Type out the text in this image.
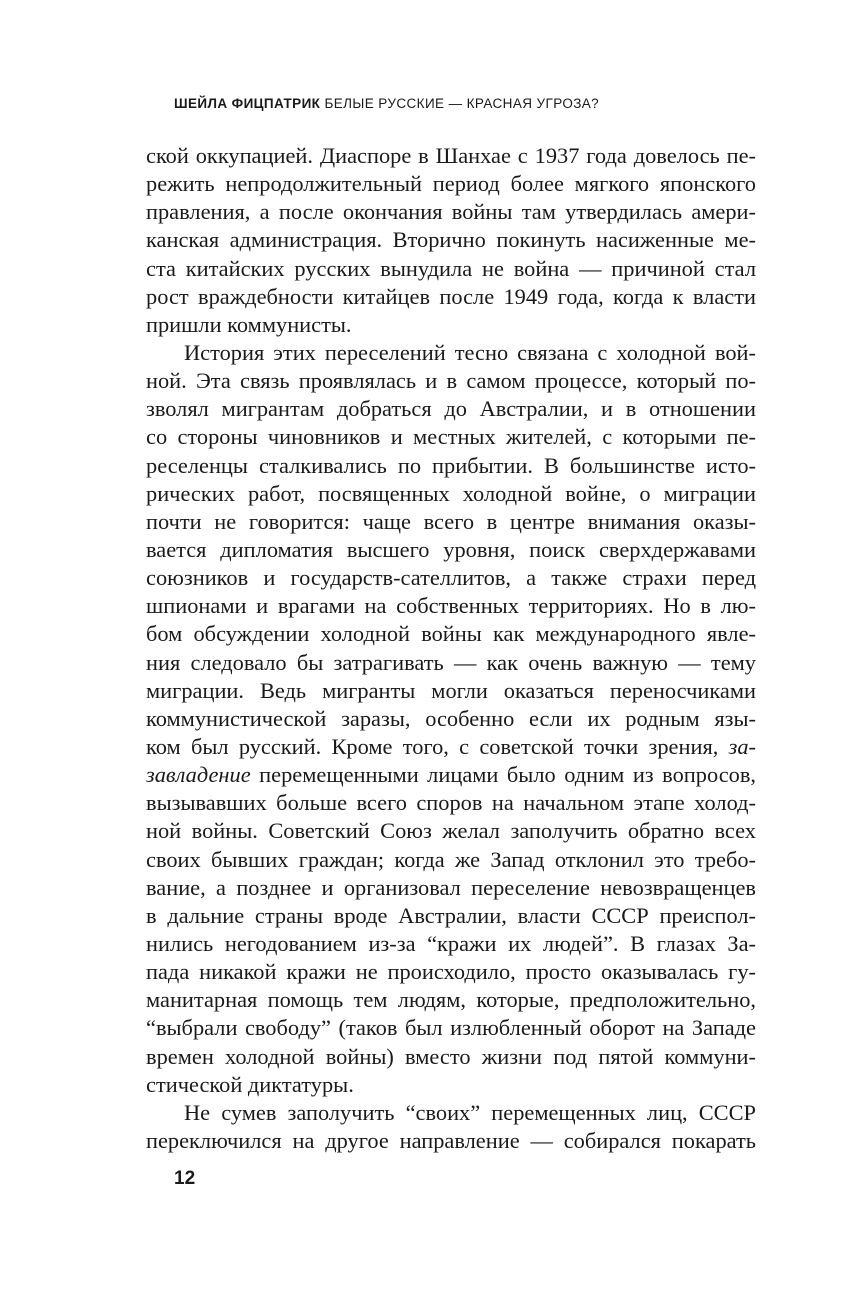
ШЕЙЛА ФИЦПАТРИК БЕЛЫЕ РУССКИЕ — КРАСНАЯ УГРОЗА?
ской оккупацией. Диаспоре в Шанхае с 1937 года довелось пе-
режить непродолжительный период более мягкого японского
правления, а после окончания войны там утвердилась амери-
канская администрация. Вторично покинуть насиженные ме-
ста китайских русских вынудила не война — причиной стал
рост враждебности китайцев после 1949 года, когда к власти
пришли коммунисты.
История этих переселений тесно связана с холодной вой-
ной. Эта связь проявлялась и в самом процессе, который по-
зволял мигрантам добраться до Австралии, и в отношении
со стороны чиновников и местных жителей, с которыми пе-
реселенцы сталкивались по прибытии. В большинстве исто-
рических работ, посвященных холодной войне, о миграции
почти не говорится: чаще всего в центре внимания оказы-
вается дипломатия высшего уровня, поиск сверхдержавами
союзников и государств-сателлитов, а также страхи перед
шпионами и врагами на собственных территориях. Но в лю-
бом обсуждении холодной войны как международного явле-
ния следовало бы затрагивать — как очень важную — тему
миграции. Ведь мигранты могли оказаться переносчиками
коммунистической заразы, особенно если их родным язы-
ком был русский. Кроме того, с советской точки зрения, за-
завладение перемещенными лицами было одним из вопросов,
вызывавших больше всего споров на начальном этапе холод-
ной войны. Советский Союз желал заполучить обратно всех
своих бывших граждан; когда же Запад отклонил это требо-
вание, а позднее и организовал переселение невозвращенцев
в дальние страны вроде Австралии, власти СССР преиспол-
нились негодованием из-за “кражи их людей”. В глазах За-
пада никакой кражи не происходило, просто оказывалась гу-
манитарная помощь тем людям, которые, предположительно,
“выбрали свободу” (таков был излюбленный оборот на Западе
времен холодной войны) вместо жизни под пятой коммуни-
стической диктатуры.
Не сумев заполучить “своих” перемещенных лиц, СССР
переключился на другое направление — собирался покарать
12
